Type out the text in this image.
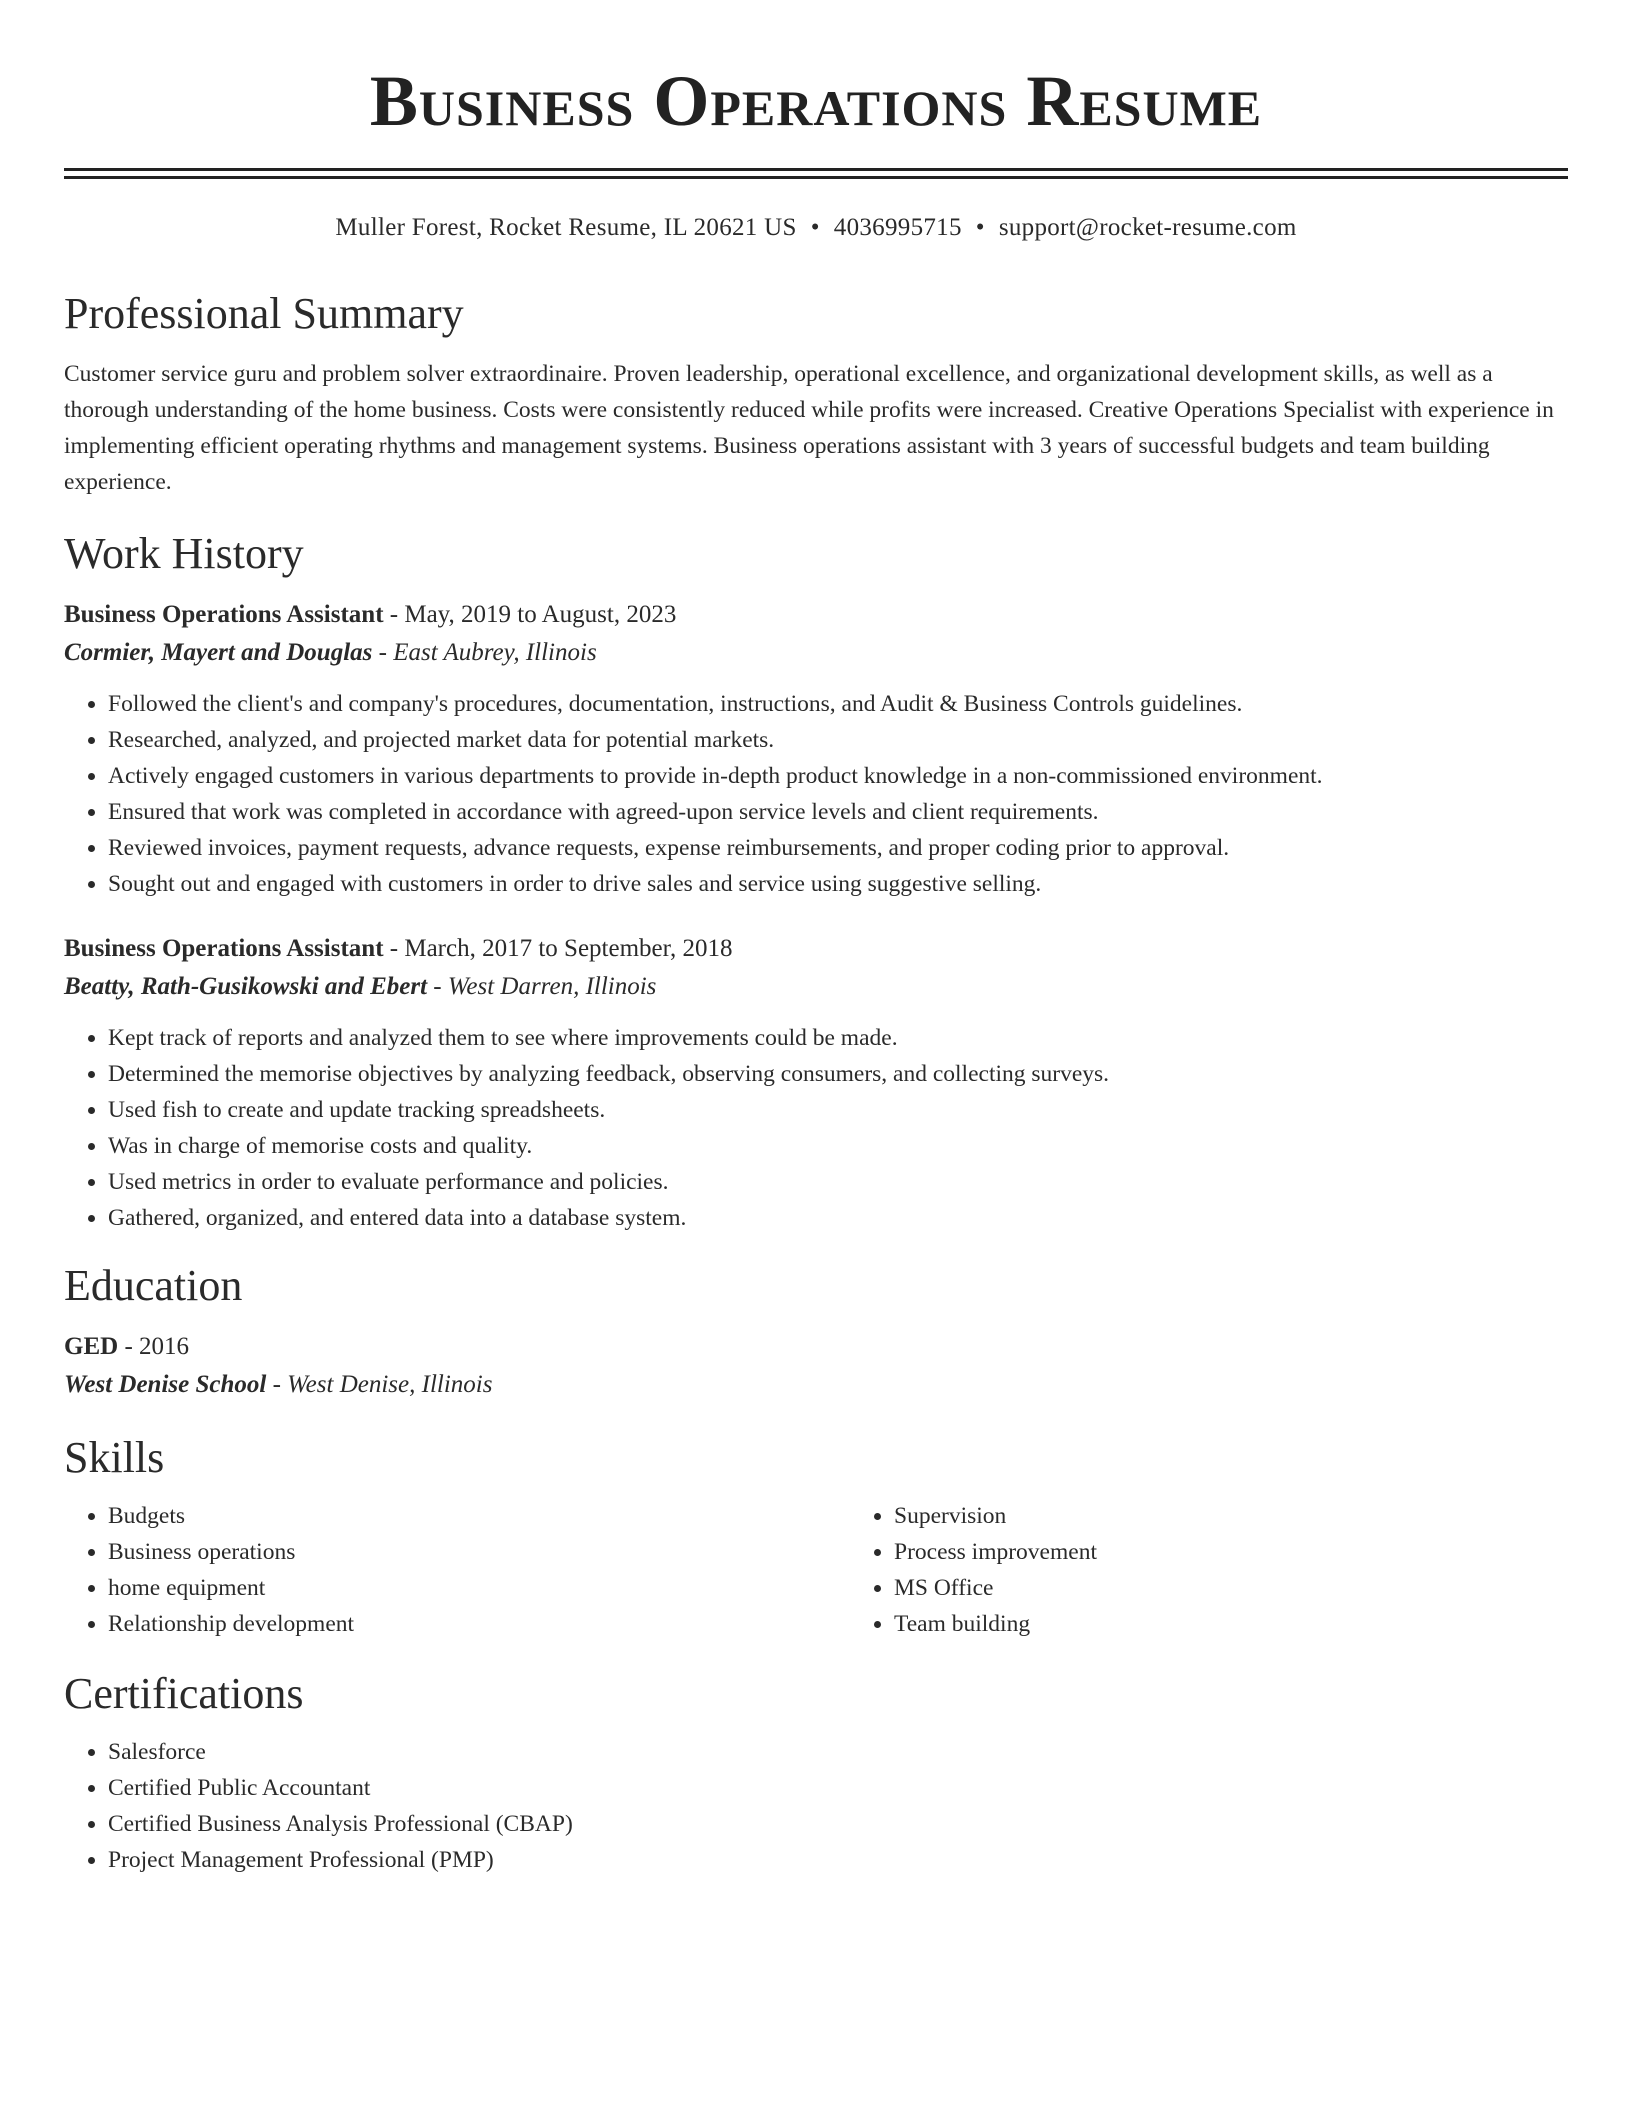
Business Operations Resume
Muller Forest, Rocket Resume, IL 20621 US • 4036995715 • support@rocket-resume.com
Professional Summary

Customer service guru and problem solver extraordinaire. Proven leadership, operational excellence, and organizational development skills, as well as a thorough understanding of the home business. Costs were consistently reduced while profits were increased. Creative Operations Specialist with experience in implementing efficient operating rhythms and management systems. Business operations assistant with 3 years of successful budgets and team building experience.

Work History
Business Operations Assistant - May, 2019 to August, 2023
Cormier, Mayert and Douglas - East Aubrey, Illinois
• Followed the client's and company's procedures, documentation, instructions, and Audit & Business Controls guidelines.
• Researched, analyzed, and projected market data for potential markets.
• Actively engaged customers in various departments to provide in-depth product knowledge in a non-commissioned environment.
• Ensured that work was completed in accordance with agreed-upon service levels and client requirements.
• Reviewed invoices, payment requests, advance requests, expense reimbursements, and proper coding prior to approval.
• Sought out and engaged with customers in order to drive sales and service using suggestive selling.
Business Operations Assistant - March, 2017 to September, 2018
Beatty, Rath-Gusikowski and Ebert - West Darren, Illinois
• Kept track of reports and analyzed them to see where improvements could be made.
• Determined the memorise objectives by analyzing feedback, observing consumers, and collecting surveys.
• Used fish to create and update tracking spreadsheets.
• Was in charge of memorise costs and quality.
• Used metrics in order to evaluate performance and policies.
• Gathered, organized, and entered data into a database system.
Education
GED - 2016
West Denise School - West Denise, Illinois
Skills
• Budgets
• Business operations
• home equipment
• Relationship development
• Supervision
• Process improvement
• MS Office
• Team building
Certifications
• Salesforce
• Certified Public Accountant
• Certified Business Analysis Professional (CBAP)
• Project Management Professional (PMP)
